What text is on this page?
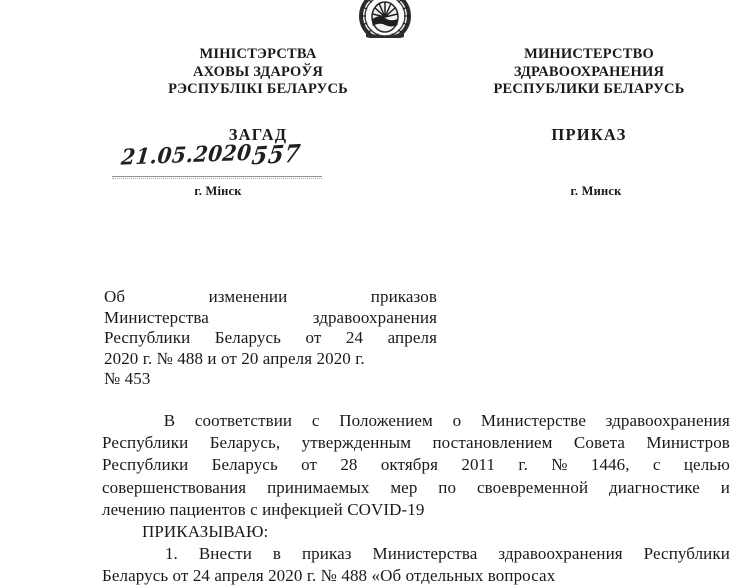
МІНІСТЭРСТВА
АХОВЫ ЗДАРОЎЯ
РЭСПУБЛІКІ БЕЛАРУСЬ
МИНИСТЕРСТВО
ЗДРАВООХРАНЕНИЯ
РЕСПУБЛИКИ БЕЛАРУСЬ
ЗАГАД	ПРИКАЗ
21.05.2020
557
г. Мінск	г. Минск
Об	изменении	приказов
Министерства	здравоохранения
Республики Беларусь от 24 апреля
2020 г. № 488 и от 20 апреля 2020 г.
№ 453
В соответствии с Положением о Министерстве здравоохранения
Республики Беларусь, утвержденным постановлением Совета Министров
Республики Беларусь от 28 октября 2011 г. № 1446, с целью
совершенствования принимаемых мер по своевременной диагностике и
лечению пациентов с инфекцией COVID-19
ПРИКАЗЫВАЮ:
1. Внести в приказ Министерства здравоохранения Республики
Беларусь от 24 апреля 2020 г. № 488 «Об отдельных вопросах
